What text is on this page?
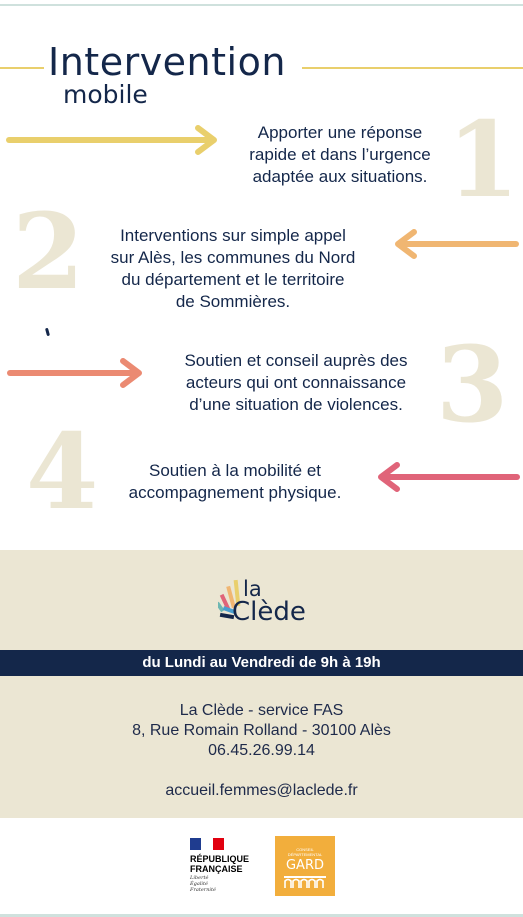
Intervention
mobile
1
Apporter une réponse
rapide et dans l’urgence
adaptée aux situations.
2	Interventions sur simple appel
sur Alès, les communes du Nord
du département et le territoire
de Sommières.
3
Soutien et conseil auprès des
acteurs qui ont connaissance
d’une situation de violences.
4	Soutien à la mobilité et
accompagnement physique.
la
Clède
du Lundi au Vendredi de 9h à 19h
La Clède - service FAS
8, Rue Romain Rolland - 30100 Alès
06.45.26.99.14
accueil.femmes@laclede.fr
RÉPUBLIQUE
FRANÇAISE
Liberté
Égalité
Fraternité
CONSEIL
DÉPARTEMENTAL
GARD
